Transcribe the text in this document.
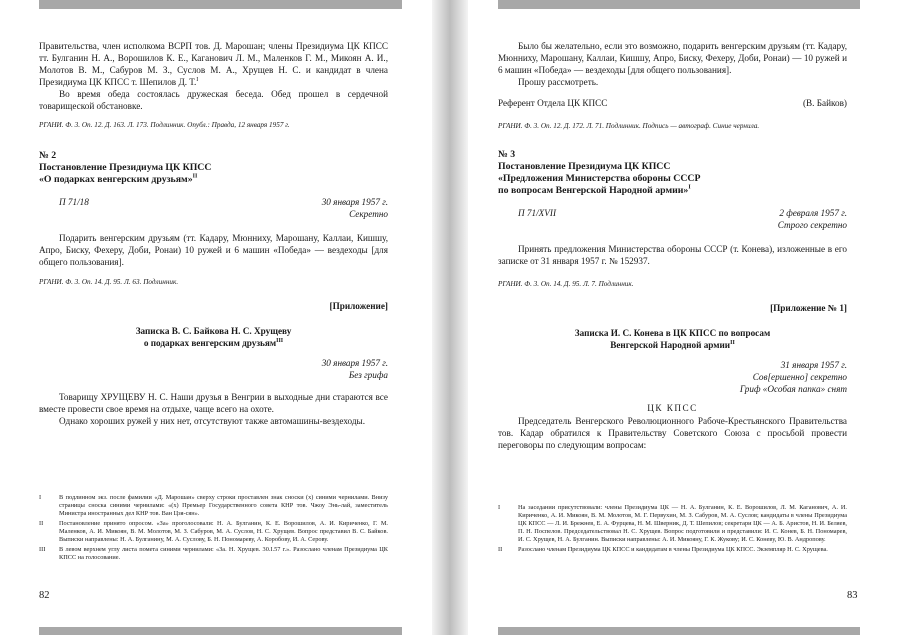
Правительства, член исполкома ВСРП тов. Д. Марошан; члены Президиума ЦК КПСС тт. Булганин Н. А., Ворошилов К. Е., Каганович Л. М., Маленков Г. М., Микоян А. И., Молотов В. М., Сабуров М. З., Суслов М. А., Хрущев Н. С. и кандидат в члена Президиума ЦК КПСС т. Шепилов Д. Т.$^I$

Во время обеда состоялась дружеская беседа. Обед прошел в сердечной товарищеской обстановке.

РГАНИ. Ф. 3. Оп. 12. Д. 163. Л. 173. Подлинник. Опубл.: Правда, 12 января 1957 г.

№ 2
Постановление Президиума ЦК КПСС
«О подарках венгерским друзьям»$^{II}$
П 71/18	30 января 1957 г.
Секретно

Подарить венгерским друзьям (тт. Кадару, Мюнниху, Марошану, Каллаи, Кишшу, Апро, Биску, Фехеру, Доби, Ронаи) 10 ружей и 6 машин «Победа» — вездеходы [для общего пользования].

РГАНИ. Ф. 3. Оп. 14. Д. 95. Л. 63. Подлинник.

[Приложение]
Записка В. С. Байкова Н. С. Хрущеву
о подарках венгерским друзьям$^{III}$
30 января 1957 г.
Без грифа

Товарищу ХРУЩЕВУ Н. С. Наши друзья в Венгрии в выходные дни стараются все вместе провести свое время на отдыхе, чаще всего на охоте.

Однако хороших ружей у них нет, отсутствуют также автомашины-вездеходы.

I	В подлинном экз. после фамилии «Д. Марошан» сверху строки проставлен знак сноски (x) синими чернилами. Внизу страницы сноска синими чернилами: «(x) Премьер Государственного совета КНР тов. Чжоу Энь-лай, заместитель Министра иностранных дел КНР тов. Ван Цзя-сян».
II	Постановление принято опросом. «За» проголосовали: Н. А. Булганин, К. Е. Ворошилов, А. И. Кириченко, Г. М. Маленков, А. И. Микоян, В. М. Молотов, М. З. Сабуров, М. А. Суслов, Н. С. Хрущев. Вопрос представил В. С. Байков. Выписки направлены: Н. А. Булганину, М. А. Суслову, Б. Н. Пономареву, А. Коробову, И. А. Серову.
III	В левом верхнем углу листа помета синими чернилами: «За. Н. Хрущев. 30.I.57 г.». Разослано членам Президиума ЦК КПСС на голосование.
82

Было бы желательно, если это возможно, подарить венгерским друзьям (тт. Кадару, Мюнниху, Марошану, Каллаи, Кишшу, Апро, Биску, Фехеру, Доби, Ронаи) — 10 ружей и 6 машин «Победа» — вездеходы [для общего пользования].

Прошу рассмотреть.

Референт Отдела ЦК КПСС	(В. Байков)

РГАНИ. Ф. 3. Оп. 12. Д. 172. Л. 71. Подлинник. Подпись — автограф. Синие чернила.

№ 3
Постановление Президиума ЦК КПСС
«Предложения Министерства обороны СССР
по вопросам Венгерской Народной армии»$^I$
П 71/XVII	2 февраля 1957 г.
Строго секретно

Принять предложения Министерства обороны СССР (т. Конева), изложенные в его записке от 31 января 1957 г. № 152937.

РГАНИ. Ф. 3. Оп. 14. Д. 95. Л. 7. Подлинник.

[Приложение № 1]
Записка И. С. Конева в ЦК КПСС по вопросам
Венгерской Народной армии$^{II}$
31 января 1957 г.
Сов[ершенно] секретно
Гриф «Особая папка» снят
ЦК КПСС

Председатель Венгерского Революционного Рабоче-Крестьянского Правительства тов. Кадар обратился к Правительству Советского Союза с просьбой провести переговоры по следующим вопросам:

I	На заседании присутствовали: члены Президиума ЦК — Н. А. Булганин, К. Е. Ворошилов, Л. М. Каганович, А. И. Кириченко, А. И. Микоян, В. М. Молотов, М. Г. Первухин, М. З. Сабуров, М. А. Суслов; кандидаты в члены Президиума ЦК КПСС — Л. И. Брежнев, Е. А. Фурцева, Н. М. Шверник, Д. Т. Шепилов; секретари ЦК — А. Б. Аристов, Н. И. Беляев, П. Н. Поспелов. Председательствовал Н. С. Хрущев. Вопрос подготовили и представили: И. С. Конев, Б. Н. Пономарев, И. С. Хрущев, Н. А. Булганин. Выписки направлены: А. И. Микояну, Г. К. Жукову; И. С. Коневу, Ю. В. Андропову.
II	Разослано членам Президиума ЦК КПСС и кандидатам в члены Президиума ЦК КПСС. Экземпляр Н. С. Хрущева.
83
